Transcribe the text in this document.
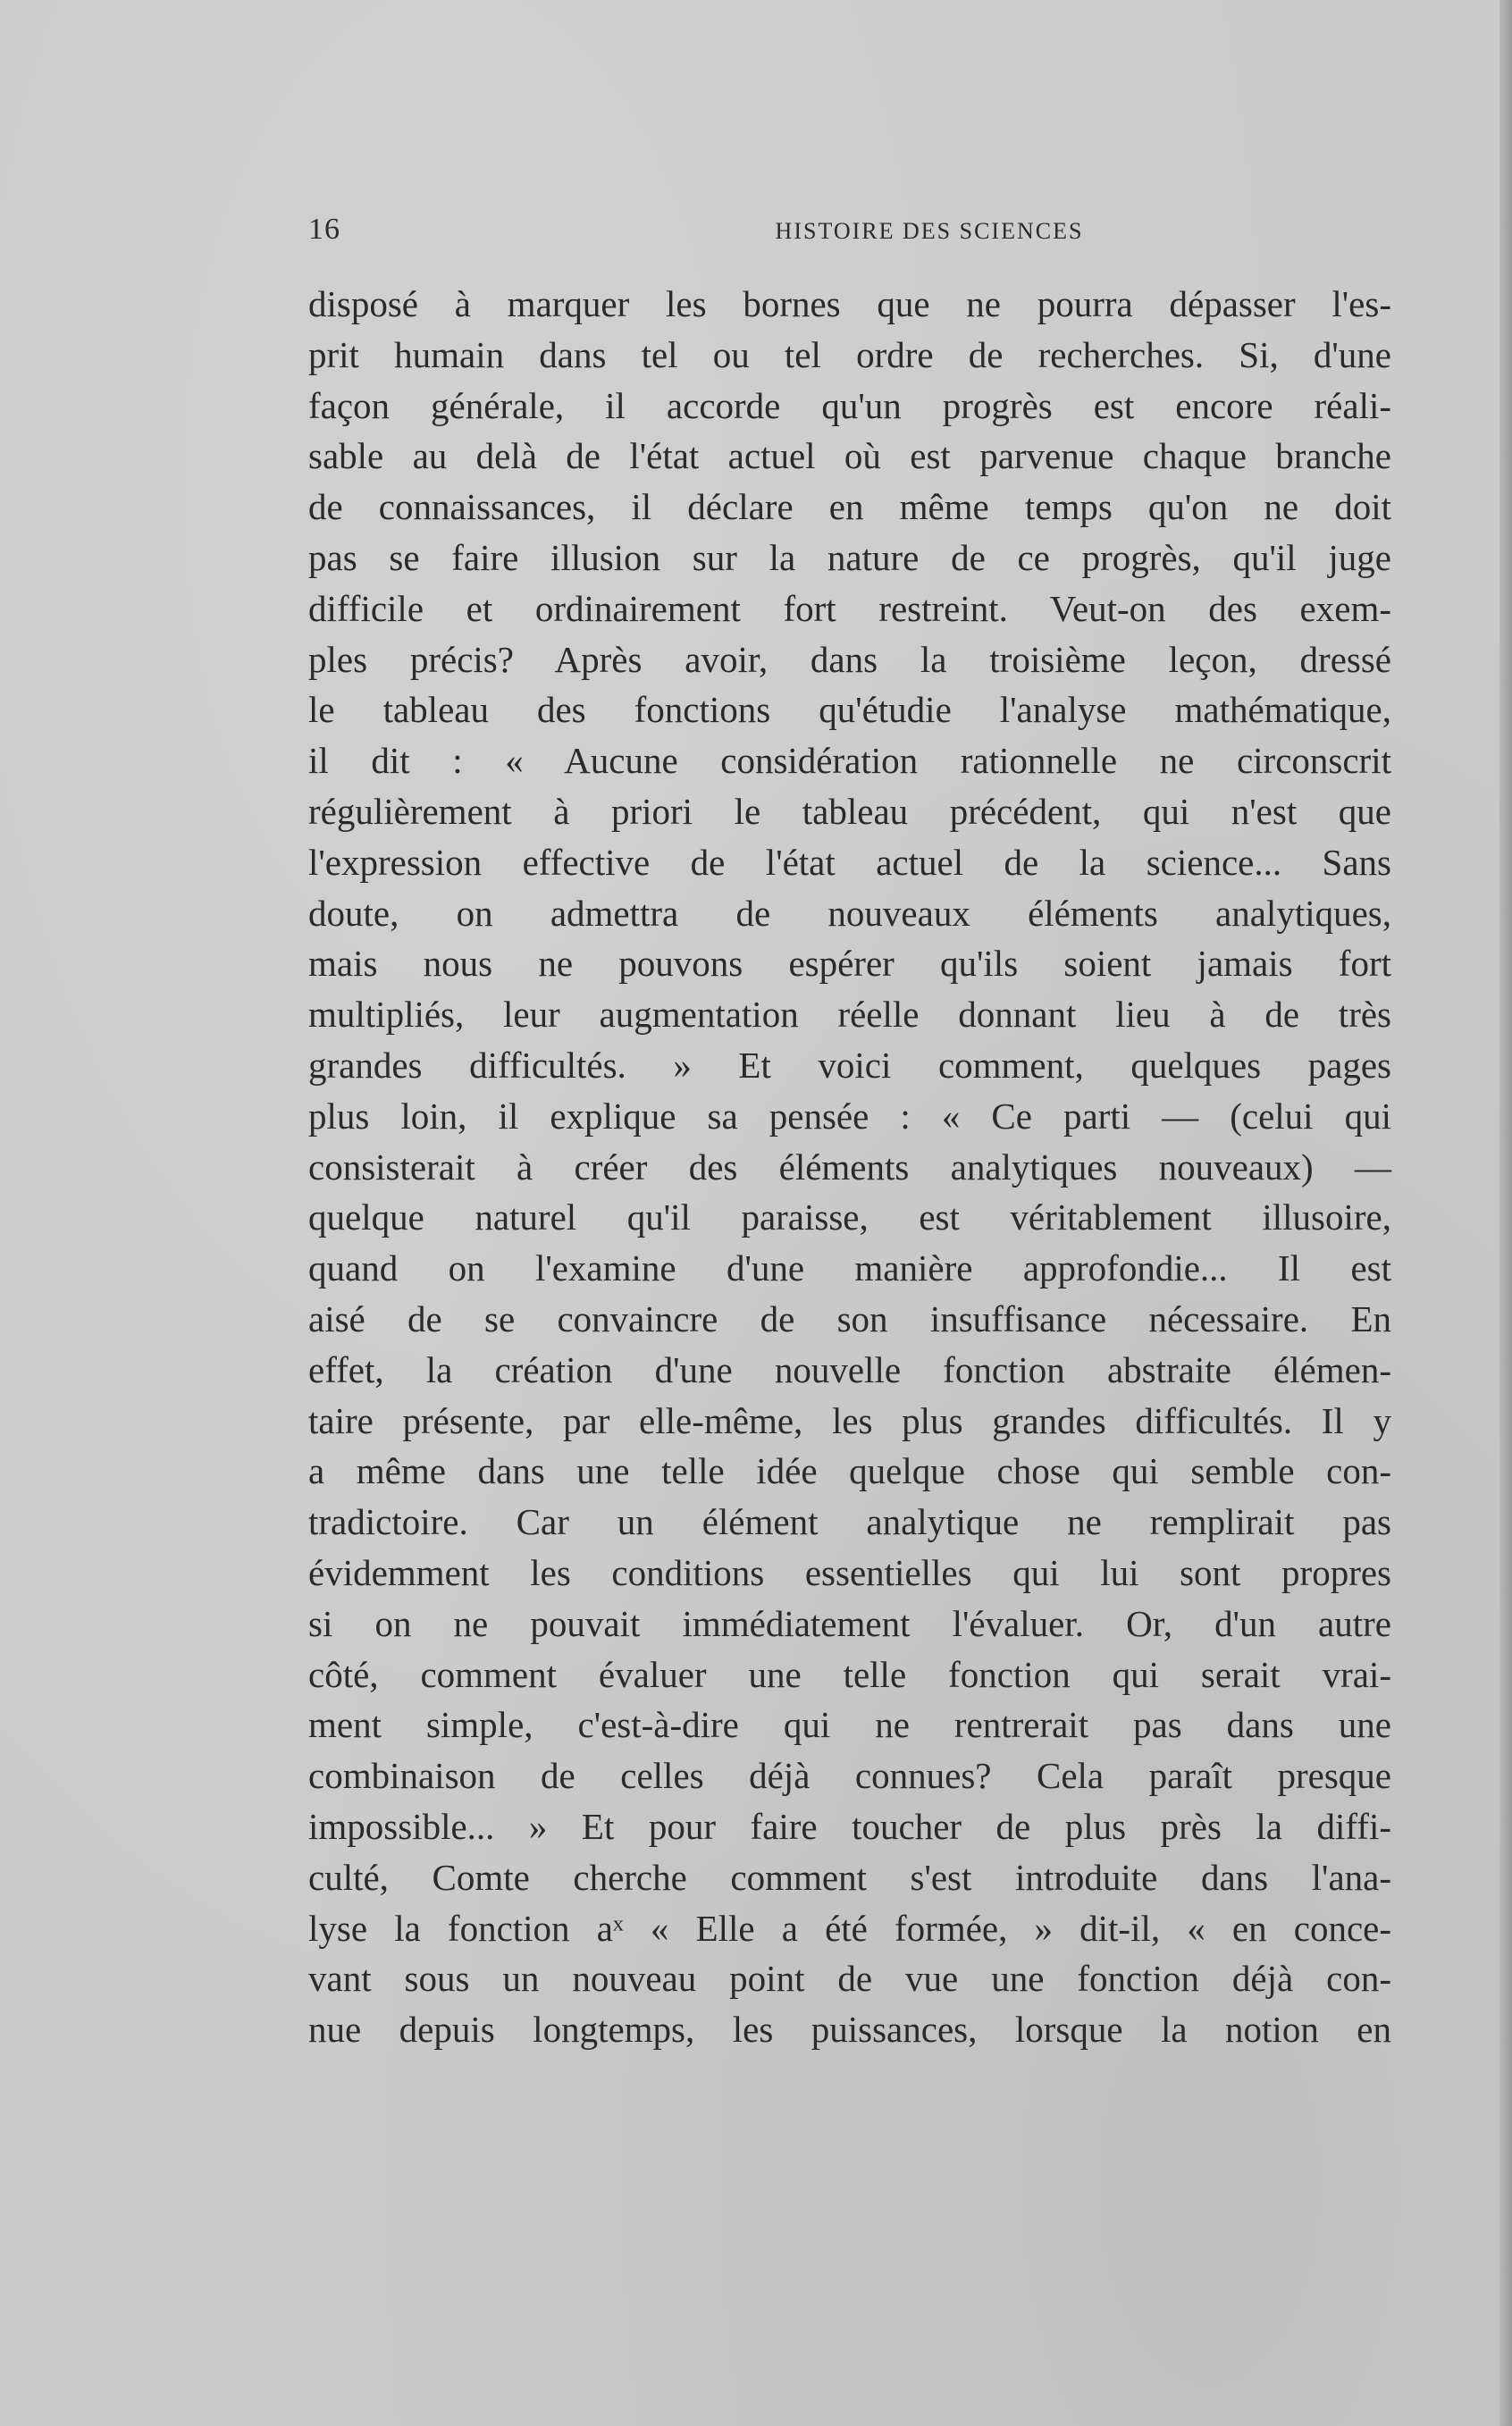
16	HISTOIRE DES SCIENCES
disposé à marquer les bornes que ne pourra dépasser l'es-
prit humain dans tel ou tel ordre de recherches. Si, d'une
façon générale, il accorde qu'un progrès est encore réali-
sable au delà de l'état actuel où est parvenue chaque branche
de connaissances, il déclare en même temps qu'on ne doit
pas se faire illusion sur la nature de ce progrès, qu'il juge
difficile et ordinairement fort restreint. Veut-on des exem-
ples précis? Après avoir, dans la troisième leçon, dressé
le tableau des fonctions qu'étudie l'analyse mathématique,
il dit : « Aucune considération rationnelle ne circonscrit
régulièrement à priori le tableau précédent, qui n'est que
l'expression effective de l'état actuel de la science... Sans
doute, on admettra de nouveaux éléments analytiques,
mais nous ne pouvons espérer qu'ils soient jamais fort
multipliés, leur augmentation réelle donnant lieu à de très
grandes difficultés. » Et voici comment, quelques pages
plus loin, il explique sa pensée : « Ce parti — (celui qui
consisterait à créer des éléments analytiques nouveaux) —
quelque naturel qu'il paraisse, est véritablement illusoire,
quand on l'examine d'une manière approfondie... Il est
aisé de se convaincre de son insuffisance nécessaire. En
effet, la création d'une nouvelle fonction abstraite élémen-
taire présente, par elle-même, les plus grandes difficultés. Il y
a même dans une telle idée quelque chose qui semble con-
tradictoire. Car un élément analytique ne remplirait pas
évidemment les conditions essentielles qui lui sont propres
si on ne pouvait immédiatement l'évaluer. Or, d'un autre
côté, comment évaluer une telle fonction qui serait vrai-
ment simple, c'est-à-dire qui ne rentrerait pas dans une
combinaison de celles déjà connues? Cela paraît presque
impossible... » Et pour faire toucher de plus près la diffi-
culté, Comte cherche comment s'est introduite dans l'ana-
lyse la fonction aˣ « Elle a été formée, » dit-il, « en conce-
vant sous un nouveau point de vue une fonction déjà con-
nue depuis longtemps, les puissances, lorsque la notion en
